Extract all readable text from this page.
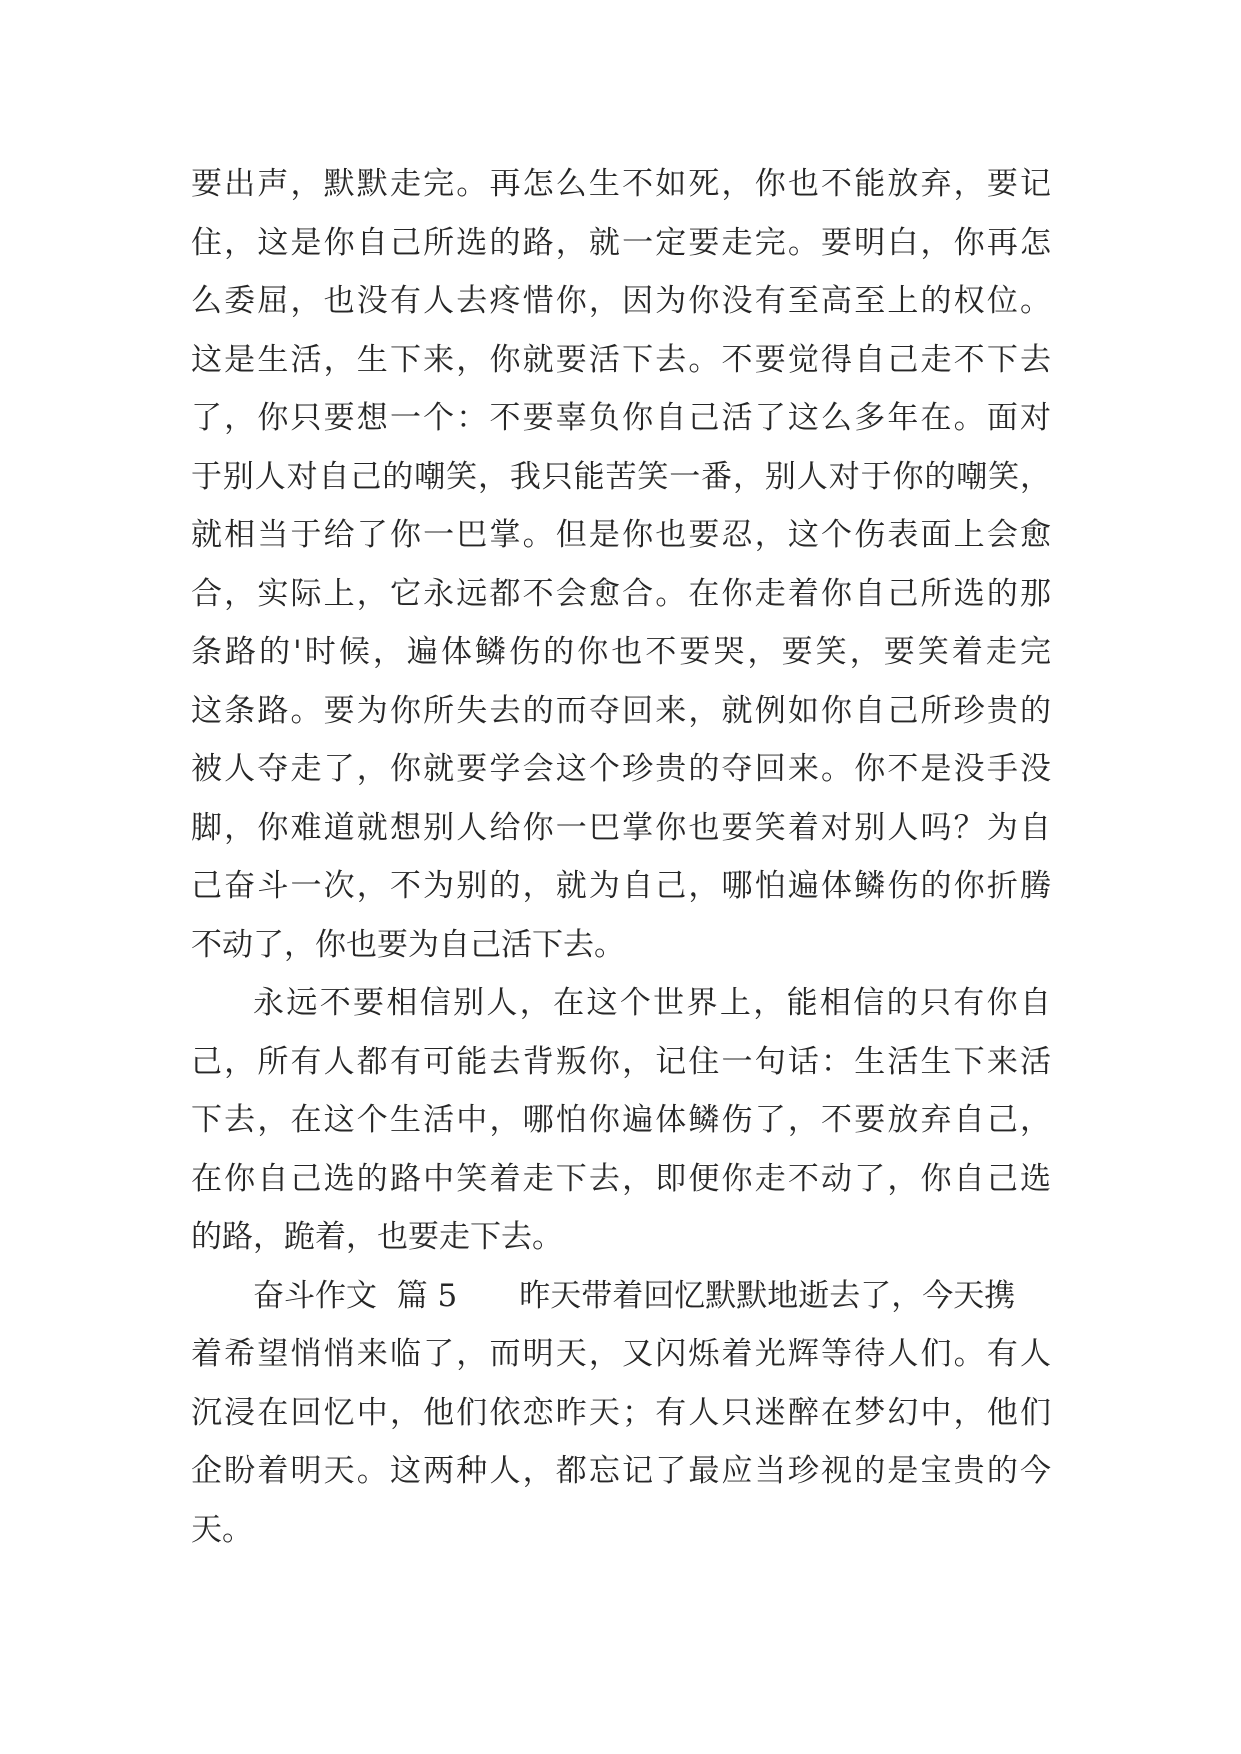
要出声，默默走完。再怎么生不如死，你也不能放弃，要记
住，这是你自己所选的路，就一定要走完。要明白，你再怎
么委屈，也没有人去疼惜你，因为你没有至高至上的权位。
这是生活，生下来，你就要活下去。不要觉得自己走不下去
了，你只要想一个：不要辜负你自己活了这么多年在。面对
于别人对自己的嘲笑，我只能苦笑一番，别人对于你的嘲笑，
就相当于给了你一巴掌。但是你也要忍，这个伤表面上会愈
合，实际上，它永远都不会愈合。在你走着你自己所选的那
条路的'时候，遍体鳞伤的你也不要哭，要笑，要笑着走完
这条路。要为你所失去的而夺回来，就例如你自己所珍贵的
被人夺走了，你就要学会这个珍贵的夺回来。你不是没手没
脚，你难道就想别人给你一巴掌你也要笑着对别人吗？为自
己奋斗一次，不为别的，就为自己，哪怕遍体鳞伤的你折腾
不动了，你也要为自己活下去。
永远不要相信别人，在这个世界上，能相信的只有你自
己，所有人都有可能去背叛你，记住一句话：生活生下来活
下去，在这个生活中，哪怕你遍体鳞伤了，不要放弃自己，
在你自己选的路中笑着走下去，即便你走不动了，你自己选
的路，跪着，也要走下去。
奋斗作文  篇 5 昨天带着回忆默默地逝去了，今天携
着希望悄悄来临了，而明天，又闪烁着光辉等待人们。有人
沉浸在回忆中，他们依恋昨天；有人只迷醉在梦幻中，他们
企盼着明天。这两种人，都忘记了最应当珍视的是宝贵的今
天。
